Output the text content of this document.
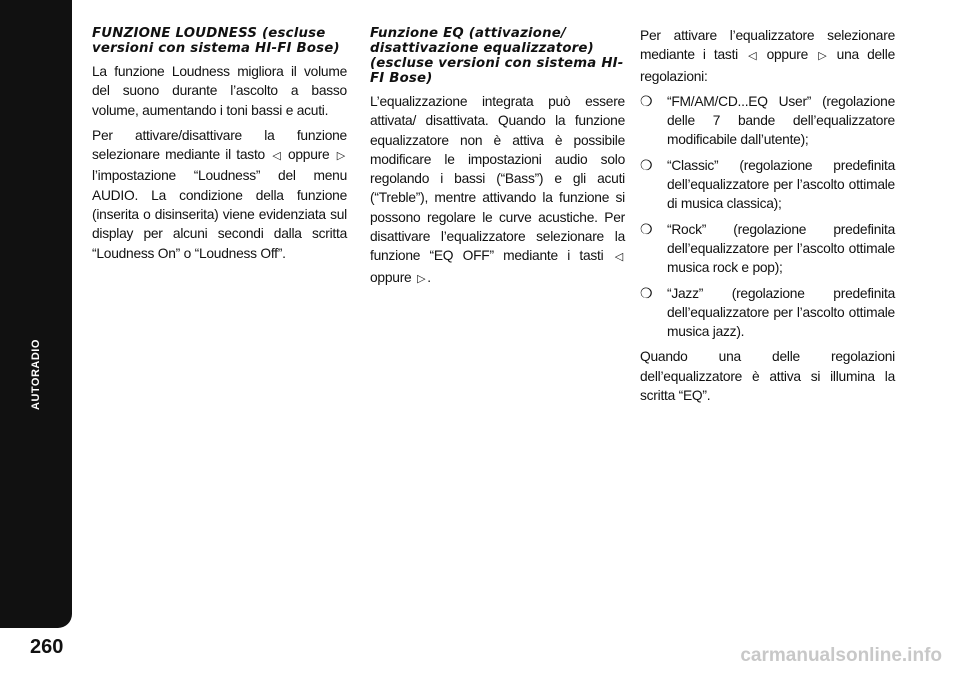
AUTORADIO
260
FUNZIONE LOUDNESS (escluse versioni con sistema HI-FI Bose)

La funzione Loudness migliora il volume del suono durante l’ascolto a basso volume, aumentando i toni bassi e acuti.

Per attivare/disattivare la funzione selezionare mediante il tasto ◁ oppure ▷ l’impostazione “Loudness” del menu AUDIO. La condizione della funzione (inserita o disinserita) viene evidenziata sul display per alcuni secondi dalla scritta “Loudness On” o “Loudness Off”.

Funzione EQ (attivazione/ disattivazione equalizzatore) (escluse versioni con sistema HI-FI Bose)

L’equalizzazione integrata può essere attivata/ disattivata. Quando la funzione equalizzatore non è attiva è possibile modificare le impostazioni audio solo regolando i bassi (“Bass”) e gli acuti (“Treble”), mentre attivando la funzione si possono regolare le curve acustiche. Per disattivare l’equalizzatore selezionare la funzione “EQ OFF” mediante i tasti ◁ oppure ▷ .

Per attivare l’equalizzatore selezionare mediante i tasti ◁ oppure ▷ una delle regolazioni:

❍ “FM/AM/CD...EQ User” (regolazione delle 7 bande dell’equalizzatore modificabile dall’utente);
❍ “Classic” (regolazione predefinita dell’equalizzatore per l’ascolto ottimale di musica classica);
❍ “Rock” (regolazione predefinita dell’equalizzatore per l’ascolto ottimale musica rock e pop);
❍ “Jazz” (regolazione predefinita dell’equalizzatore per l’ascolto ottimale musica jazz).

Quando una delle regolazioni dell’equalizzatore è attiva si illumina la scritta “EQ”.

carmanualsonline.info
